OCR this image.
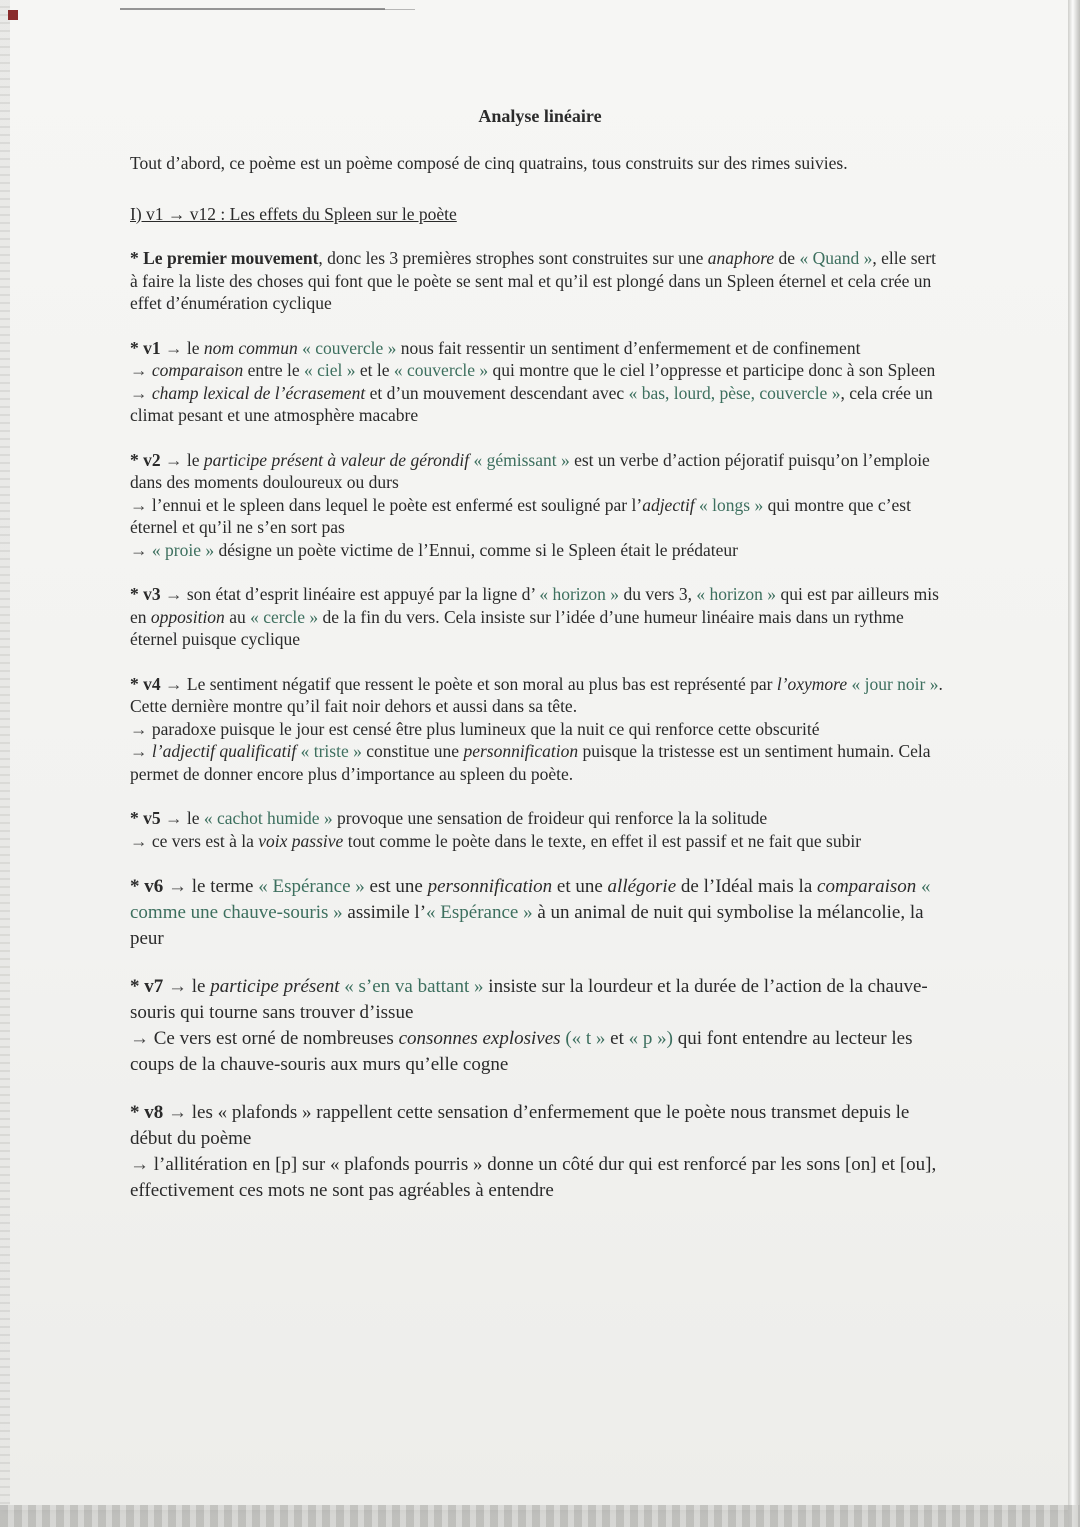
Analyse linéaire

Tout d’abord, ce poème est un poème composé de cinq quatrains, tous construits sur des rimes suivies.

I) v1 → v12 : Les effets du Spleen sur le poète

* Le premier mouvement, donc les 3 premières strophes sont construites sur une anaphore de « Quand », elle sert à faire la liste des choses qui font que le poète se sent mal et qu’il est plongé dans un Spleen éternel et cela crée un effet d’énumération cyclique

* v1 → le nom commun « couvercle » nous fait ressentir un sentiment d’enfermement et de confinement

→ comparaison entre le « ciel » et le « couvercle » qui montre que le ciel l’oppresse et participe donc à son Spleen

→ champ lexical de l’écrasement et d’un mouvement descendant avec « bas, lourd, pèse, couvercle », cela crée un climat pesant et une atmosphère macabre

* v2 → le participe présent à valeur de gérondif « gémissant » est un verbe d’action péjoratif puisqu’on l’emploie dans des moments douloureux ou durs

→ l’ennui et le spleen dans lequel le poète est enfermé est souligné par l’adjectif « longs » qui montre que c’est éternel et qu’il ne s’en sort pas

→ « proie » désigne un poète victime de l’Ennui, comme si le Spleen était le prédateur

* v3 → son état d’esprit linéaire est appuyé par la ligne d’ « horizon » du vers 3, « horizon » qui est par ailleurs mis en opposition au « cercle » de la fin du vers. Cela insiste sur l’idée d’une humeur linéaire mais dans un rythme éternel puisque cyclique

* v4 → Le sentiment négatif que ressent le poète et son moral au plus bas est représenté par l’oxymore « jour noir ». Cette dernière montre qu’il fait noir dehors et aussi dans sa tête.

→ paradoxe puisque le jour est censé être plus lumineux que la nuit ce qui renforce cette obscurité

→ l’adjectif qualificatif « triste » constitue une personnification puisque la tristesse est un sentiment humain. Cela permet de donner encore plus d’importance au spleen du poète.

* v5 → le « cachot humide » provoque une sensation de froideur qui renforce la la solitude

→ ce vers est à la voix passive tout comme le poète dans le texte, en effet il est passif et ne fait que subir

* v6 → le terme « Espérance » est une personnification et une allégorie de l’Idéal mais la comparaison « comme une chauve-souris » assimile l’« Espérance » à un animal de nuit qui symbolise la mélancolie, la peur

* v7 → le participe présent « s’en va battant » insiste sur la lourdeur et la durée de l’action de la chauve-souris qui tourne sans trouver d’issue

→ Ce vers est orné de nombreuses consonnes explosives (« t » et « p ») qui font entendre au lecteur les coups de la chauve-souris aux murs qu’elle cogne

* v8 → les « plafonds » rappellent cette sensation d’enfermement que le poète nous transmet depuis le début du poème

→ l’allitération en [p] sur « plafonds pourris » donne un côté dur qui est renforcé par les sons [on] et [ou], effectivement ces mots ne sont pas agréables à entendre
